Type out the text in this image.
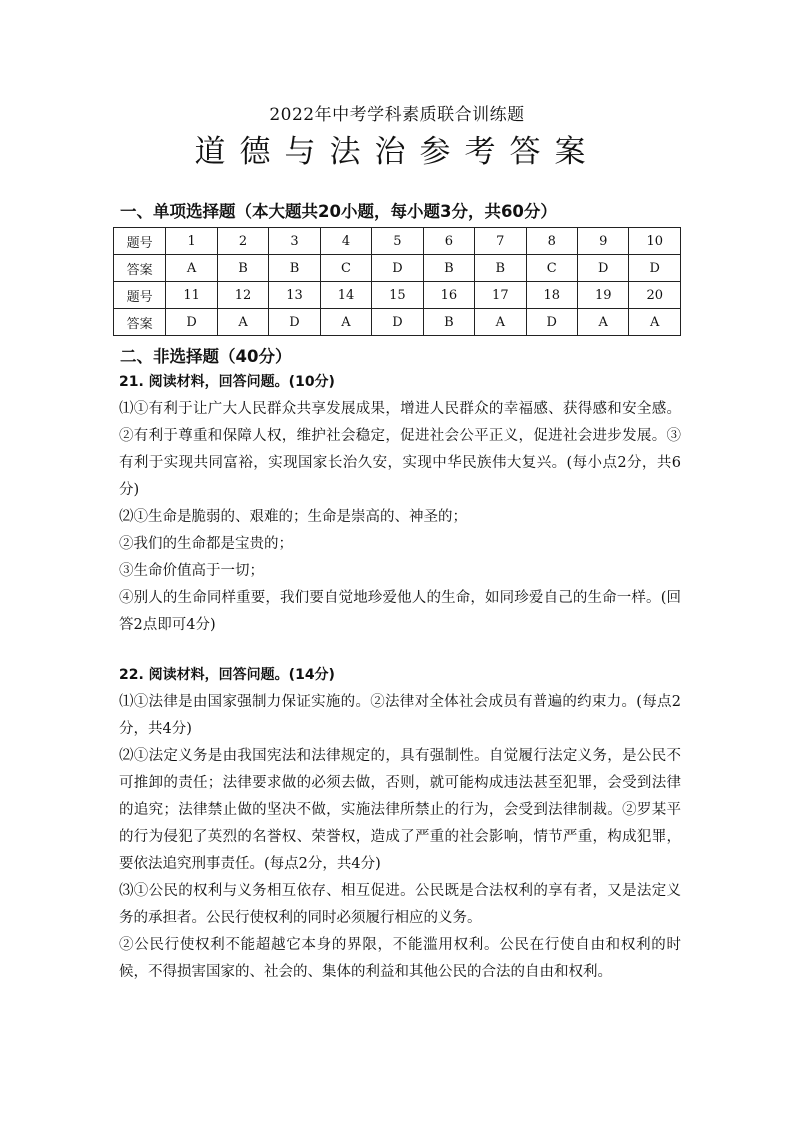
2022年中考学科素质联合训练题
道德与法治参考答案
一、单项选择题（本大题共20小题，每小题3分，共60分）
题号	1	2	3	4	5	6	7	8	9	10
答案	A	B	B	C	D	B	B	C	D	D
题号	11	12	13	14	15	16	17	18	19	20
答案	D	A	D	A	D	B	A	D	A	A
二、非选择题（40分）

21. 阅读材料，回答问题。(10分)

⑴①有利于让广大人民群众共享发展成果，增进人民群众的幸福感、获得感和安全感。②有利于尊重和保障人权，维护社会稳定，促进社会公平正义，促进社会进步发展。③有利于实现共同富裕，实现国家长治久安，实现中华民族伟大复兴。(每小点2分，共6分)

⑵①生命是脆弱的、艰难的；生命是崇高的、神圣的；

②我们的生命都是宝贵的；

③生命价值高于一切；

④别人的生命同样重要，我们要自觉地珍爱他人的生命，如同珍爱自己的生命一样。(回答2点即可4分)

22. 阅读材料，回答问题。(14分)

⑴①法律是由国家强制力保证实施的。②法律对全体社会成员有普遍的约束力。(每点2分，共4分)

⑵①法定义务是由我国宪法和法律规定的，具有强制性。自觉履行法定义务，是公民不可推卸的责任；法律要求做的必须去做，否则，就可能构成违法甚至犯罪，会受到法律的追究；法律禁止做的坚决不做，实施法律所禁止的行为，会受到法律制裁。②罗某平的行为侵犯了英烈的名誉权、荣誉权，造成了严重的社会影响，情节严重，构成犯罪，要依法追究刑事责任。(每点2分，共4分)

⑶①公民的权利与义务相互依存、相互促进。公民既是合法权利的享有者，又是法定义务的承担者。公民行使权利的同时必须履行相应的义务。

②公民行使权利不能超越它本身的界限，不能滥用权利。公民在行使自由和权利的时候，不得损害国家的、社会的、集体的利益和其他公民的合法的自由和权利。
